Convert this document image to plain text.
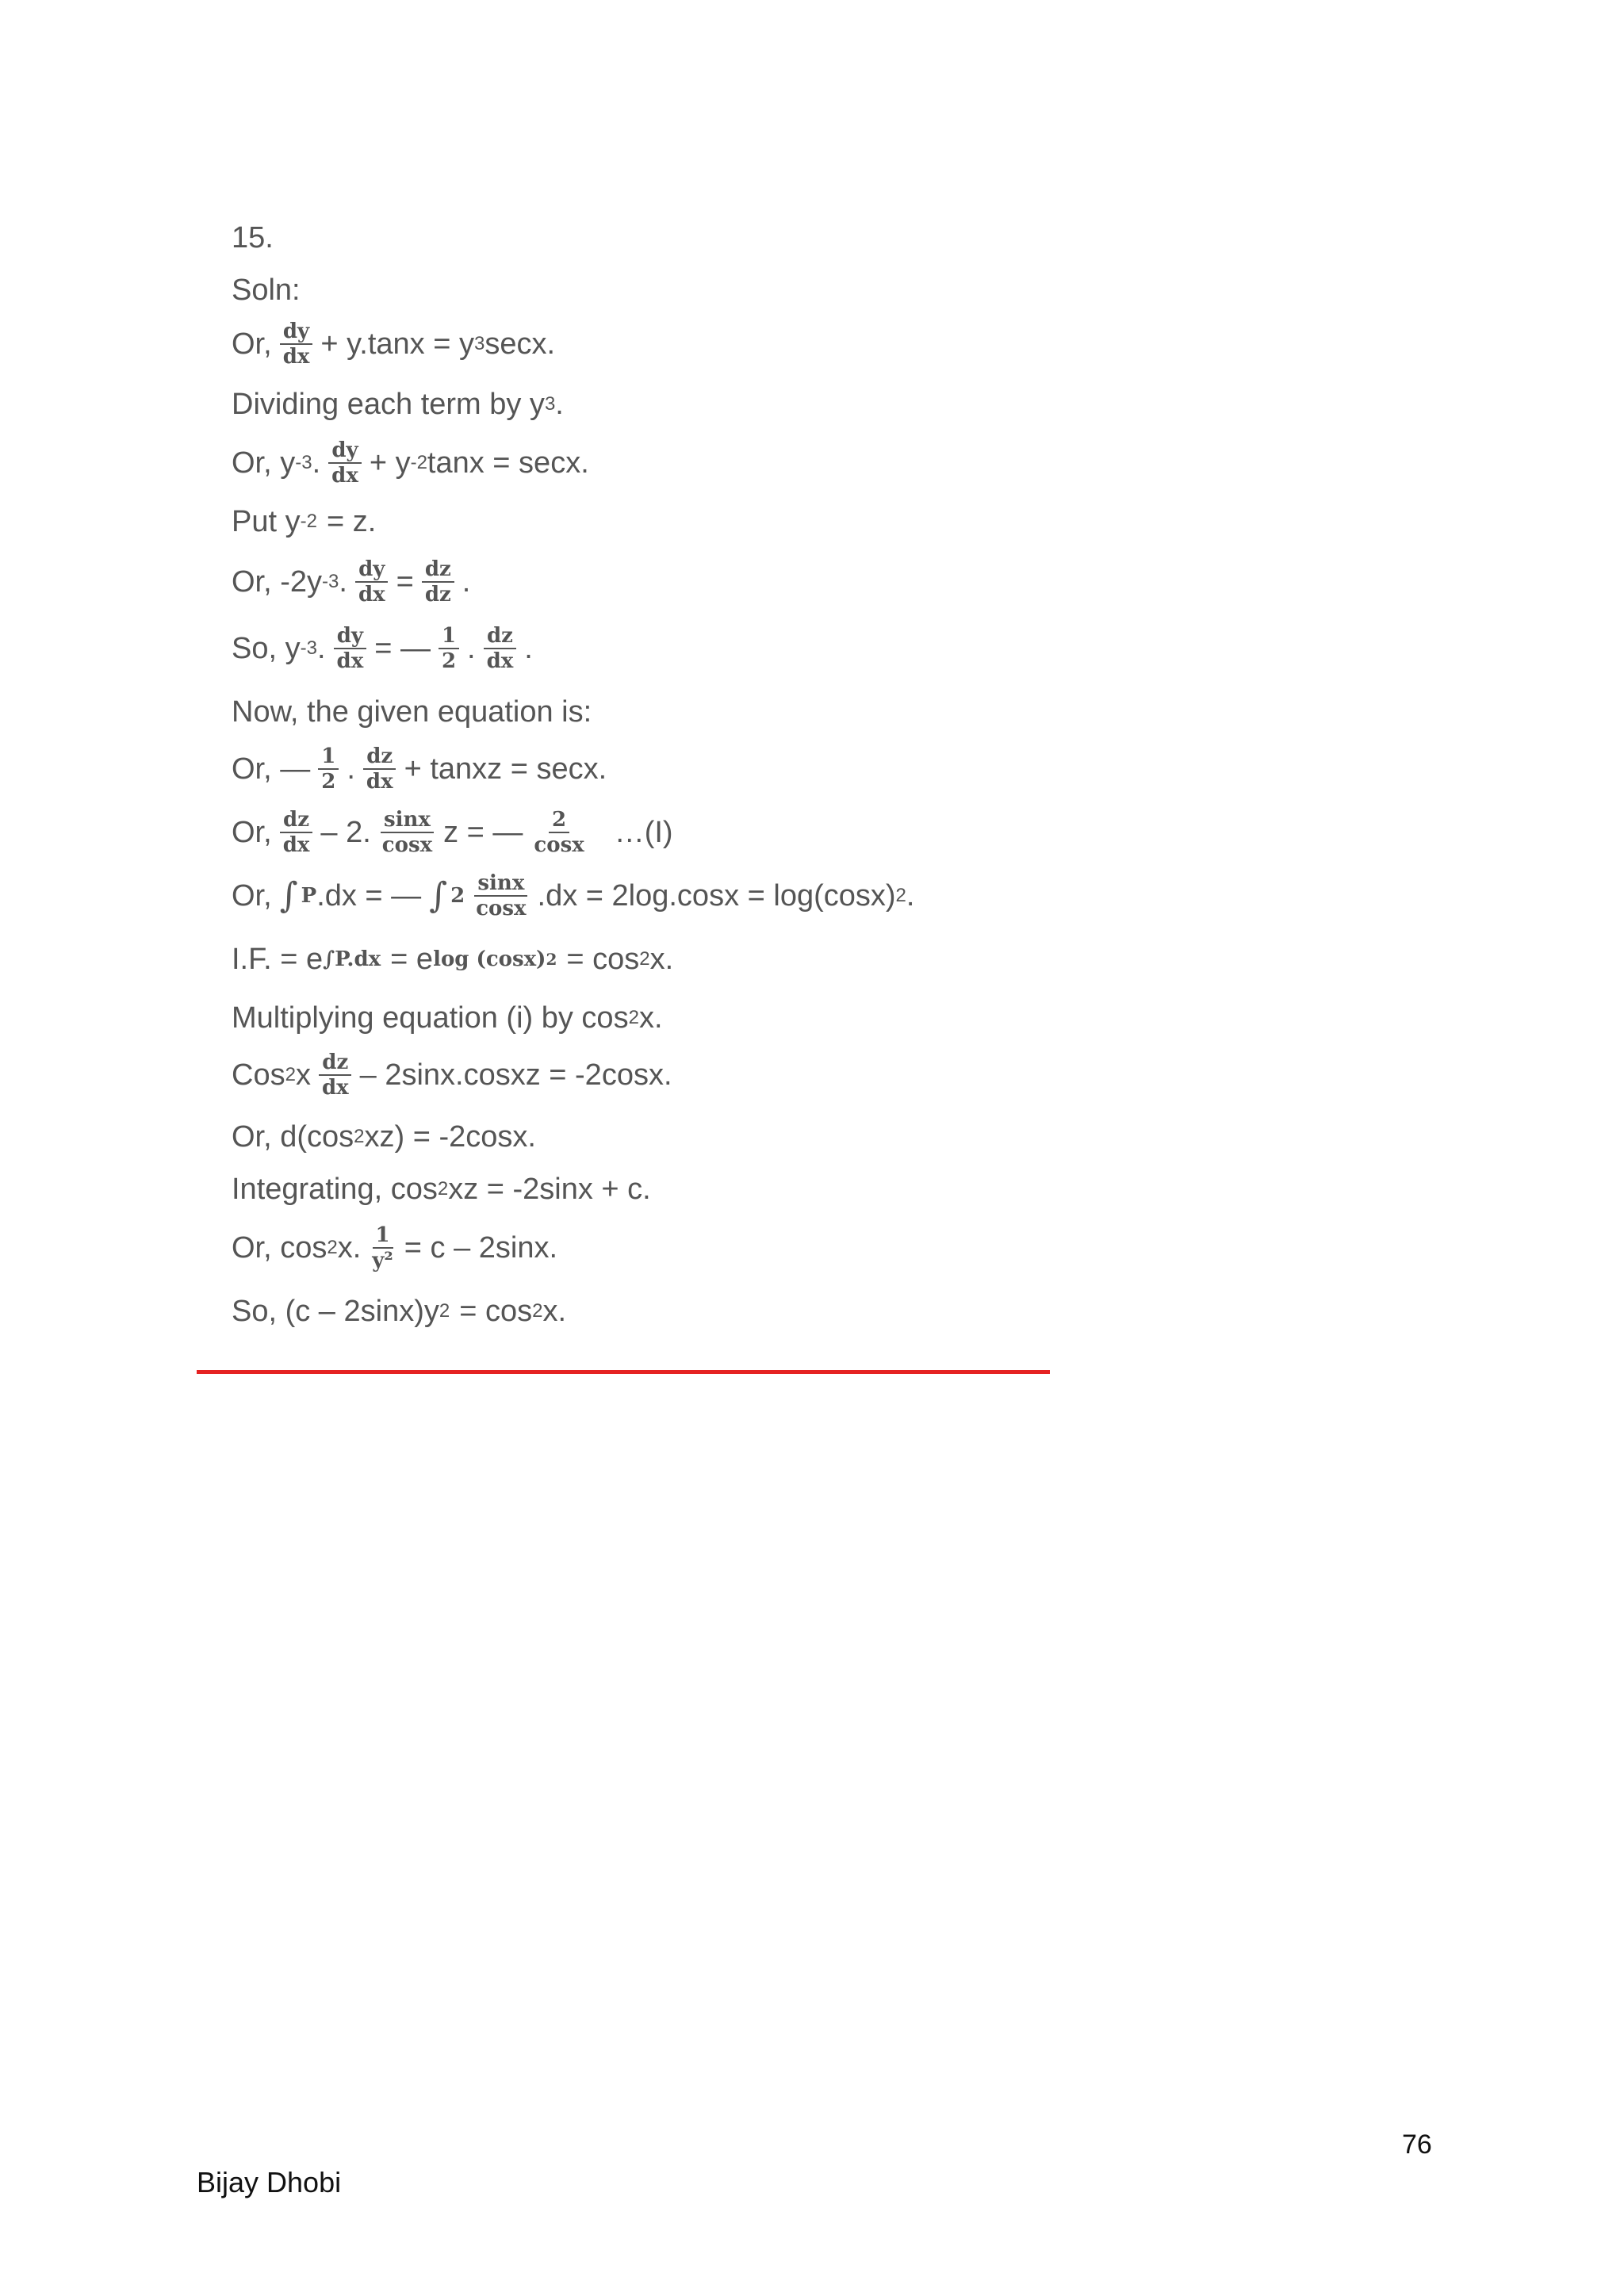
15.
Soln:
Or, $\frac{dy}{dx} + y.\tan x = y$ 3 secx.
Dividing each term by y 3 .
Or, y -3 . $\frac{dy}{dx} + y$ -2 tanx = secx.
Put y -2 = z.
Or, -2y -3 . $\frac{dy}{dx} = \frac{dz}{dz}$ .
So, y -3 . $\frac{dy}{dx}$ = — $\frac{1}{2}$ . $\frac{dz}{dx}$ .
Now, the given equation is:
Or, — $\frac{1}{2}$ . $\frac{dz}{dx}$ + tanxz = secx.
Or, $\frac{dz}{dx} - 2$. $\frac{\sin x}{\cos x}$ z = — $\frac{2}{\cos x}$ …(I)
Or, ∫ P .dx = — ∫ $2 \frac{\sin x}{\cos x} .dx = 2\log.\cos x = \log(\cos x)$ 2 .
I.F. = e ∫P.dx = e log (cosx) 2 = cos 2 x.
Multiplying equation (i) by cos 2 x.
Cos 2 x $\frac{dz}{dx}$ – 2sinx.cosxz = -2cosx.
Or, d(cos 2 xz) = -2cosx.
Integrating, cos 2 xz = -2sinx + c.
Or, cos 2 x. $\frac{1}{\text{y²}} = c - 2\sin x$.
So, (c – 2sinx)y 2 = cos 2 x.
76
Bijay Dhobi
